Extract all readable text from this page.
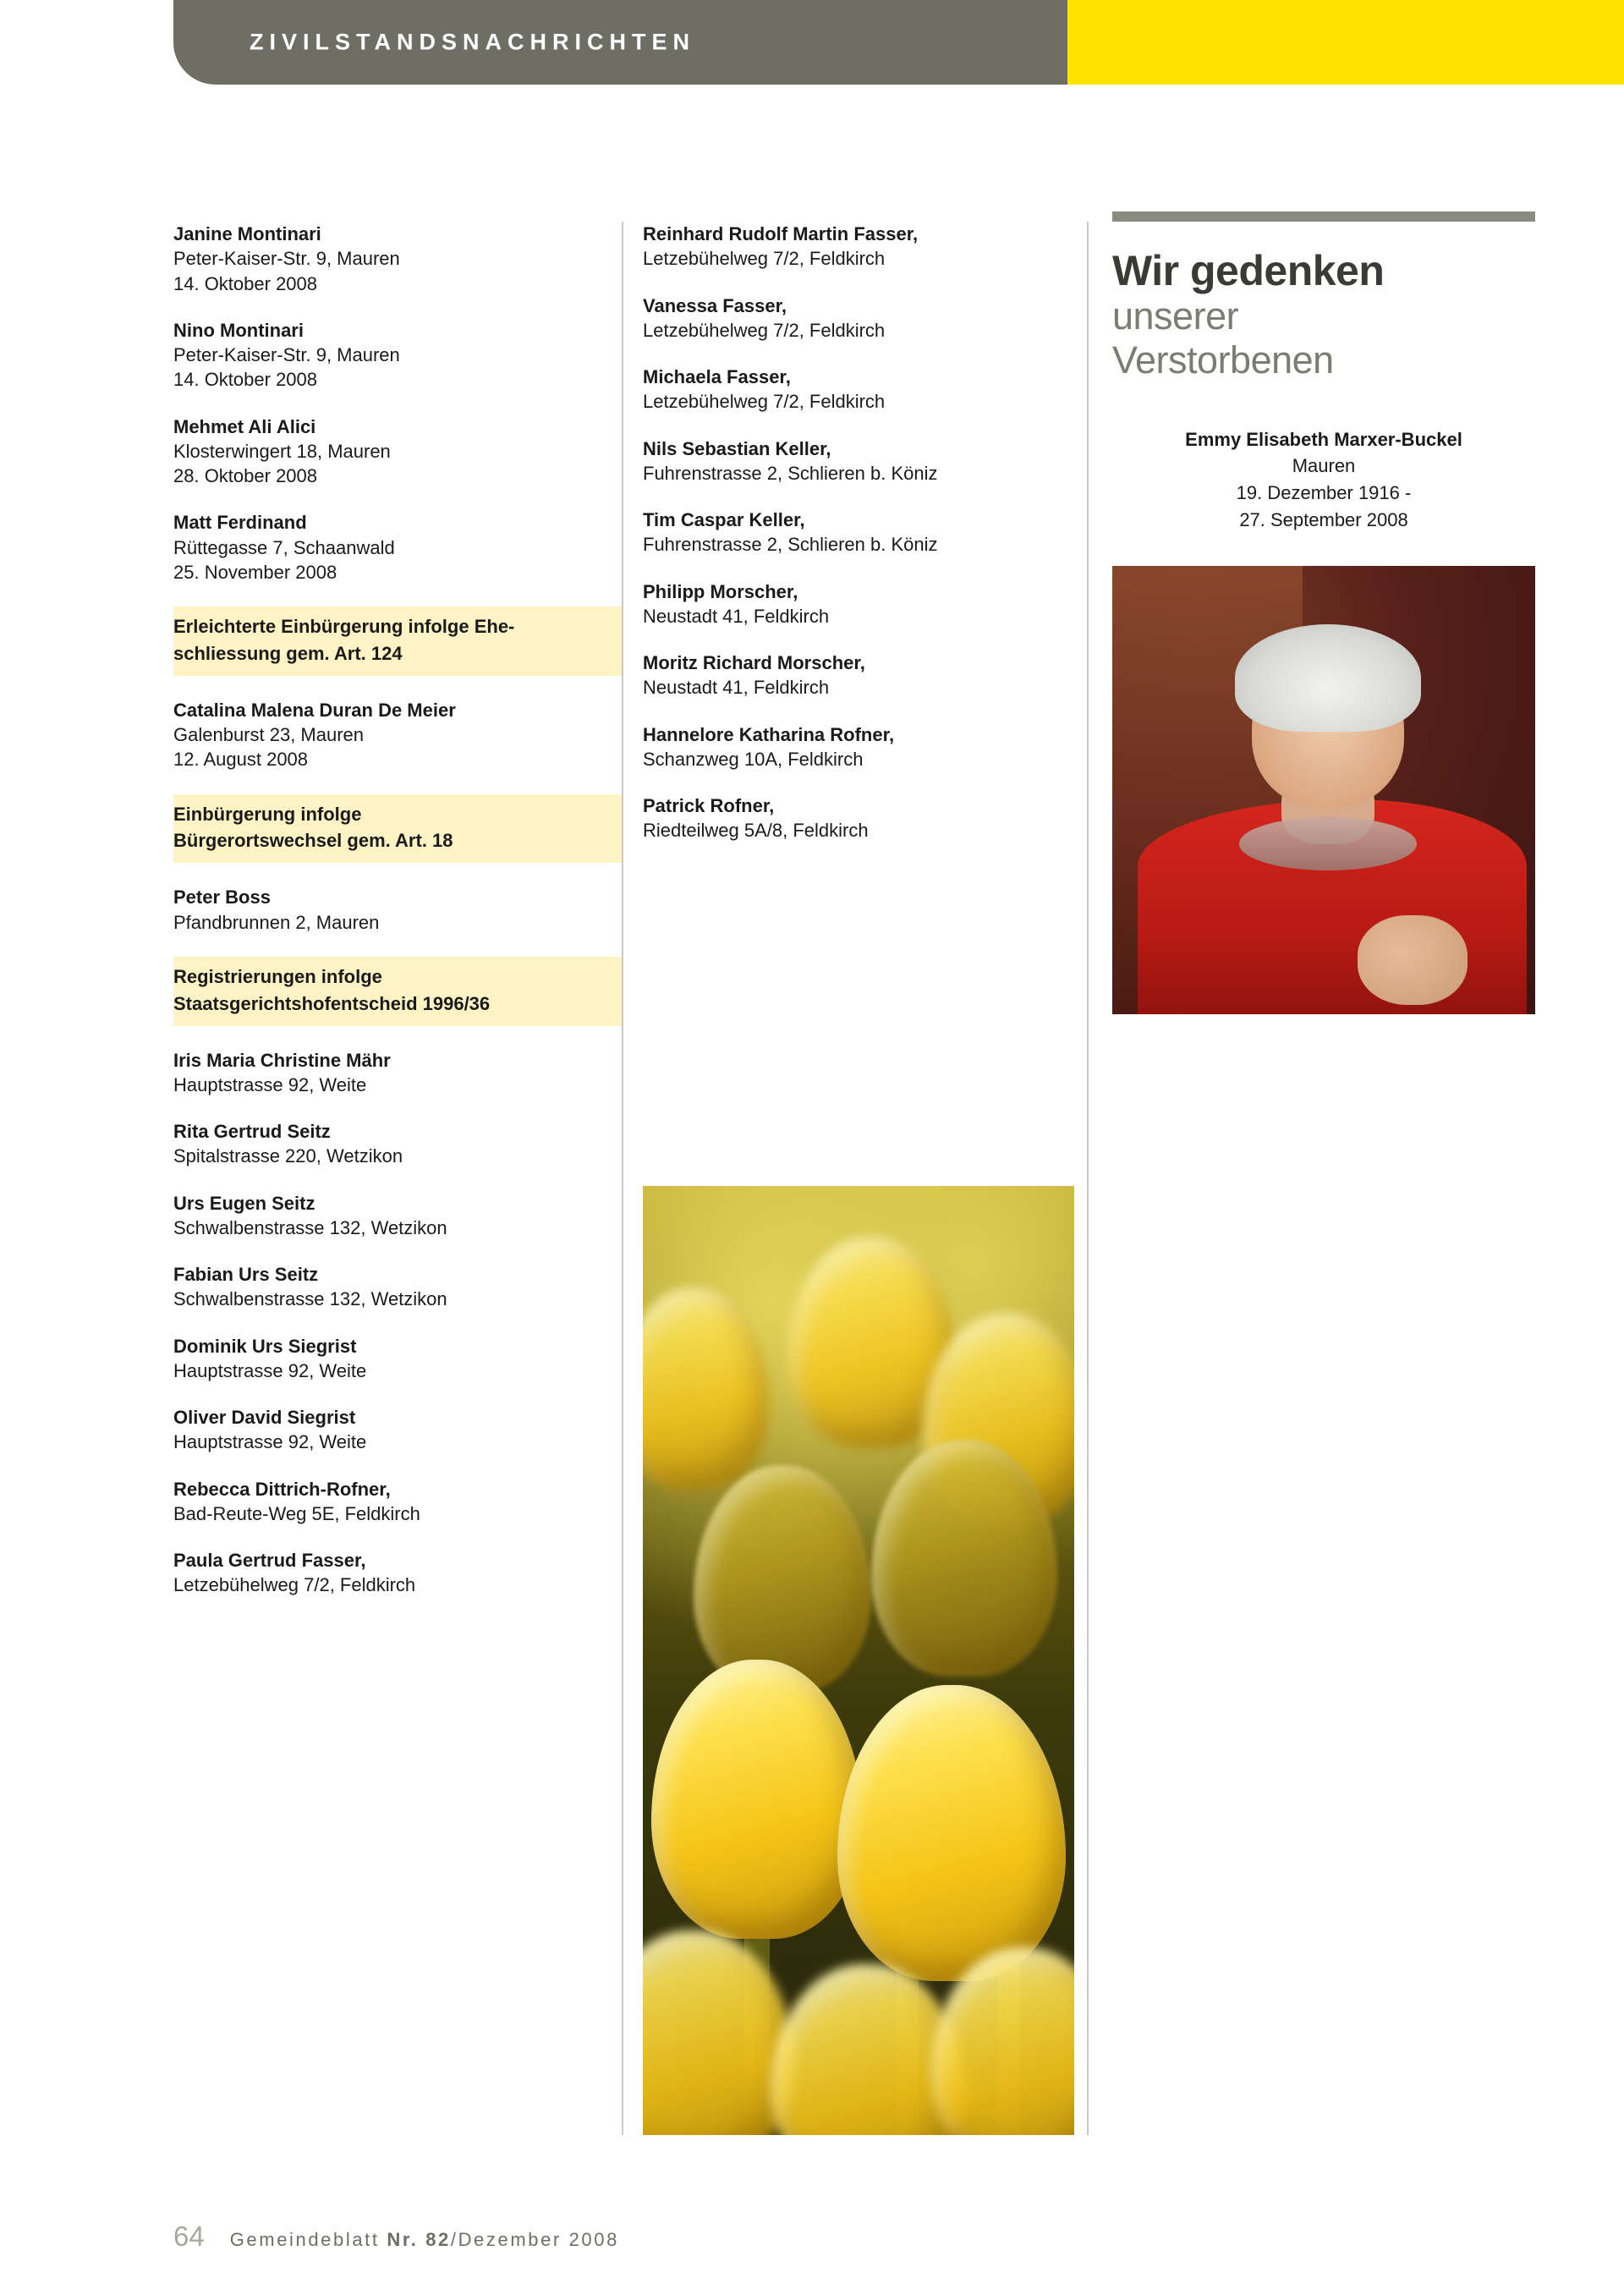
ZIVILSTANDSNACHRICHTEN
Janine Montinari
Peter-Kaiser-Str. 9, Mauren
14. Oktober 2008
Nino Montinari
Peter-Kaiser-Str. 9, Mauren
14. Oktober 2008
Mehmet Ali Alici
Klosterwingert 18, Mauren
28. Oktober 2008
Matt Ferdinand
Rüttegasse 7, Schaanwald
25. November 2008
Erleichterte Einbürgerung infolge Ehe-
schliessung gem. Art. 124
Catalina Malena Duran De Meier
Galenburst 23, Mauren
12. August 2008
Einbürgerung infolge
Bürgerortswechsel gem. Art. 18
Peter Boss
Pfandbrunnen 2, Mauren
Registrierungen infolge
Staatsgerichtshofentscheid 1996/36
Iris Maria Christine Mähr
Hauptstrasse 92, Weite
Rita Gertrud Seitz
Spitalstrasse 220, Wetzikon
Urs Eugen Seitz
Schwalbenstrasse 132, Wetzikon
Fabian Urs Seitz
Schwalbenstrasse 132, Wetzikon
Dominik Urs Siegrist
Hauptstrasse 92, Weite
Oliver David Siegrist
Hauptstrasse 92, Weite
Rebecca Dittrich-Rofner,
Bad-Reute-Weg 5E, Feldkirch
Paula Gertrud Fasser,
Letzebühelweg 7/2, Feldkirch
Reinhard Rudolf Martin Fasser,
Letzebühelweg 7/2, Feldkirch
Vanessa Fasser,
Letzebühelweg 7/2, Feldkirch
Michaela Fasser,
Letzebühelweg 7/2, Feldkirch
Nils Sebastian Keller,
Fuhrenstrasse 2, Schlieren b. Köniz
Tim Caspar Keller,
Fuhrenstrasse 2, Schlieren b. Köniz
Philipp Morscher,
Neustadt 41, Feldkirch
Moritz Richard Morscher,
Neustadt 41, Feldkirch
Hannelore Katharina Rofner,
Schanzweg 10A, Feldkirch
Patrick Rofner,
Riedteilweg 5A/8, Feldkirch
Wir gedenken
unserer
Verstorbenen
Emmy Elisabeth Marxer-Buckel
Mauren
19. Dezember 1916 -
27. September 2008
64 Gemeindeblatt Nr. 82/Dezember 2008
